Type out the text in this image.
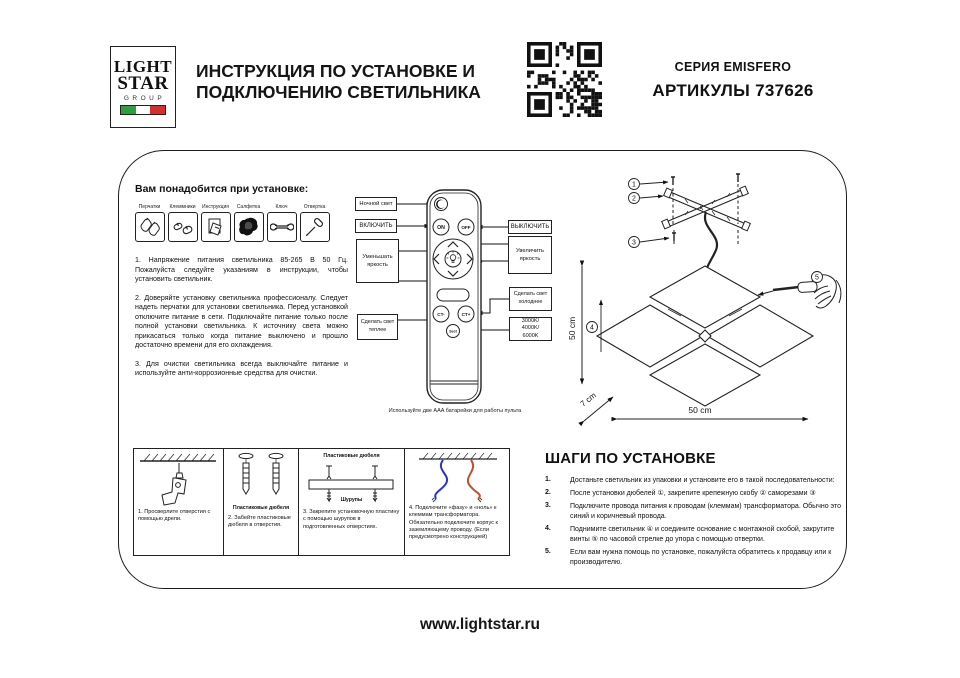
LIGHT
STAR
GROUP
ИНСТРУКЦИЯ ПО УСТАНОВКЕ И
ПОДКЛЮЧЕНИЮ СВЕТИЛЬНИКА
СЕРИЯ EMISFERO
АРТИКУЛЫ 737626
Вам понадобится при установке:
Перчатки Клеммники Инструкция Салфетка	Ключ	Отвертка

1. Напряжение питания светильника 85-265 В 50 Гц. Пожалуйста следуйте указаниям в инструкции, чтобы установить светильник.

2. Доверяйте установку светильника профессионалу. Следует надеть перчатки для установки светильника. Перед установкой отключите питание в сети. Подключайте питание только после полной установки светильника. К источнику света можно прикасаться только когда питание выключено и прошло достаточно времени для его охлаждения.

3. Для очистки светильника всегда выключайте питание и используйте анти-коррозионные средства для очистки.

ON	OFF
CT-	CT+
Sect
Ночной свет
ВКЛЮЧИТЬ
Уменьшать яркость
Сделать свет теплее
ВЫКЛЮЧИТЬ
Увеличить яркость
Сделать свет холоднее
3000K/
4000K/
6000K
Используйте две AAA батарейки для работы пульта
1
2
3
4
5
50 cm
50 cm
7 cm
1. Просверлите отверстия с помощью дрели.
Пластиковые дюбеля
2. Забейте пластиковые дюбеля в отверстия.
Пластиковые дюбеля
Шурупы
3. Закрепите установочную пластину с помощью шурупов в подготовленных отверстиях.
4. Подключите «фазу» и «ноль» к клеммам трансформатора. Обязательно подключите корпус к заземляющему проводу. (Если предусмотрено конструкцией)
ШАГИ ПО УСТАНОВКЕ
1.	Достаньте светильник из упаковки и установите его в такой последовательности:
2.	После установки дюбелей ①, закрепите крепежную скобу ② саморезами ③
3.	Подключите провода питания к проводам (клеммам) трансформатора. Обычно это синий и коричневый провода.
4.	Поднимите светильник ④ и соедините основание с монтажной скобой, закрутите винты ⑤ по часовой стрелке до упора с помощью отвертки.
5.	Если вам нужна помощь по установке, пожалуйста обратитесь к продавцу или к производителю.
www.lightstar.ru
